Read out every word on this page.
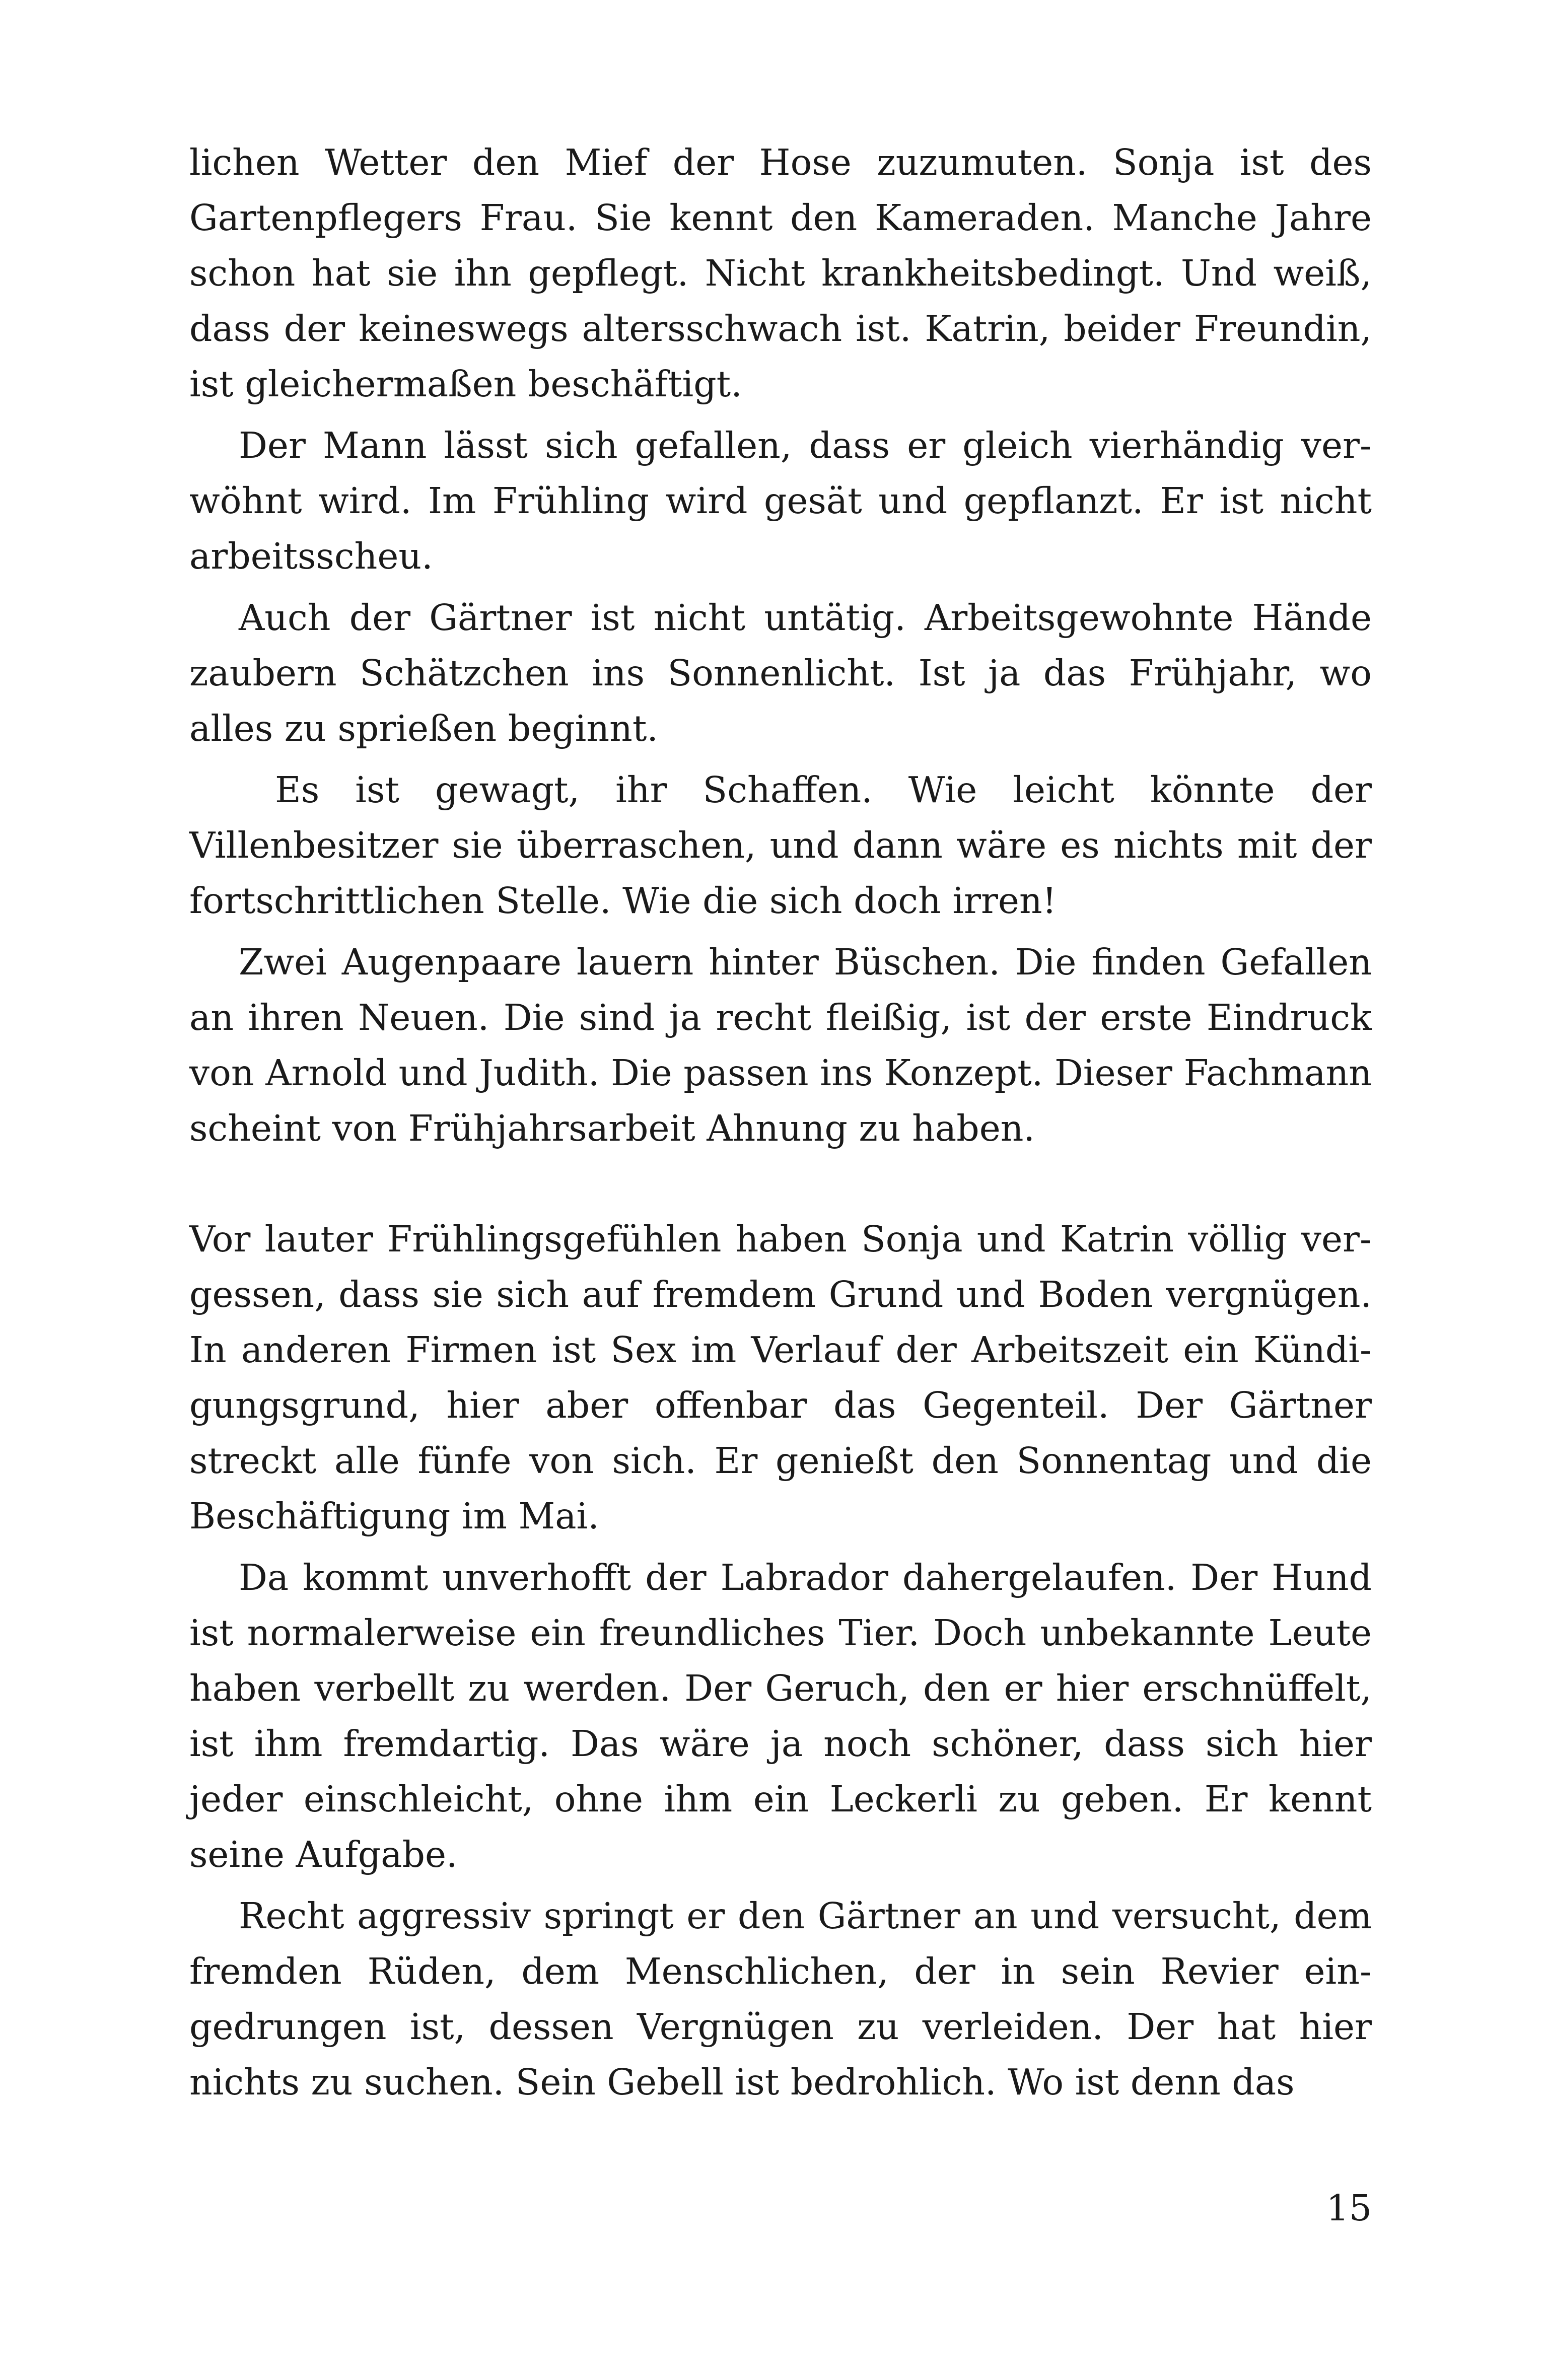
lichen Wetter den Mief der Hose zuzumuten. Sonja ist des Gartenpflegers Frau. Sie kennt den Kameraden. Manche Jahre schon hat sie ihn gepflegt. Nicht krankheitsbedingt. Und weiß, dass der keineswegs altersschwach ist. Katrin, beider Freundin, ist gleichermaßen beschäftigt.

Der Mann lässt sich gefallen, dass er gleich vierhändig verwöhnt wird. Im Frühling wird gesät und gepflanzt. Er ist nicht arbeitsscheu.

Auch der Gärtner ist nicht untätig. Arbeitsgewohnte Hände zaubern Schätzchen ins Sonnenlicht. Ist ja das Frühjahr, wo alles zu sprießen beginnt.

Es ist gewagt, ihr Schaffen. Wie leicht könnte der Villenbesitzer sie überraschen, und dann wäre es nichts mit der fortschrittlichen Stelle. Wie die sich doch irren!

Zwei Augenpaare lauern hinter Büschen. Die finden Gefallen an ihren Neuen. Die sind ja recht fleißig, ist der erste Eindruck von Arnold und Judith. Die passen ins Konzept. Dieser Fachmann scheint von Frühjahrsarbeit Ahnung zu haben.

Vor lauter Frühlingsgefühlen haben Sonja und Katrin völlig vergessen, dass sie sich auf fremdem Grund und Boden vergnügen. In anderen Firmen ist Sex im Verlauf der Arbeitszeit ein Kündigungsgrund, hier aber offenbar das Gegenteil. Der Gärtner streckt alle fünfe von sich. Er genießt den Sonnentag und die Beschäftigung im Mai.

Da kommt unverhofft der Labrador dahergelaufen. Der Hund ist normalerweise ein freundliches Tier. Doch unbekannte Leute haben verbellt zu werden. Der Geruch, den er hier erschnüffelt, ist ihm fremdartig. Das wäre ja noch schöner, dass sich hier jeder einschleicht, ohne ihm ein Leckerli zu geben. Er kennt seine Aufgabe.

Recht aggressiv springt er den Gärtner an und versucht, dem fremden Rüden, dem Menschlichen, der in sein Revier eingedrungen ist, dessen Vergnügen zu verleiden. Der hat hier nichts zu suchen. Sein Gebell ist bedrohlich. Wo ist denn das

15
